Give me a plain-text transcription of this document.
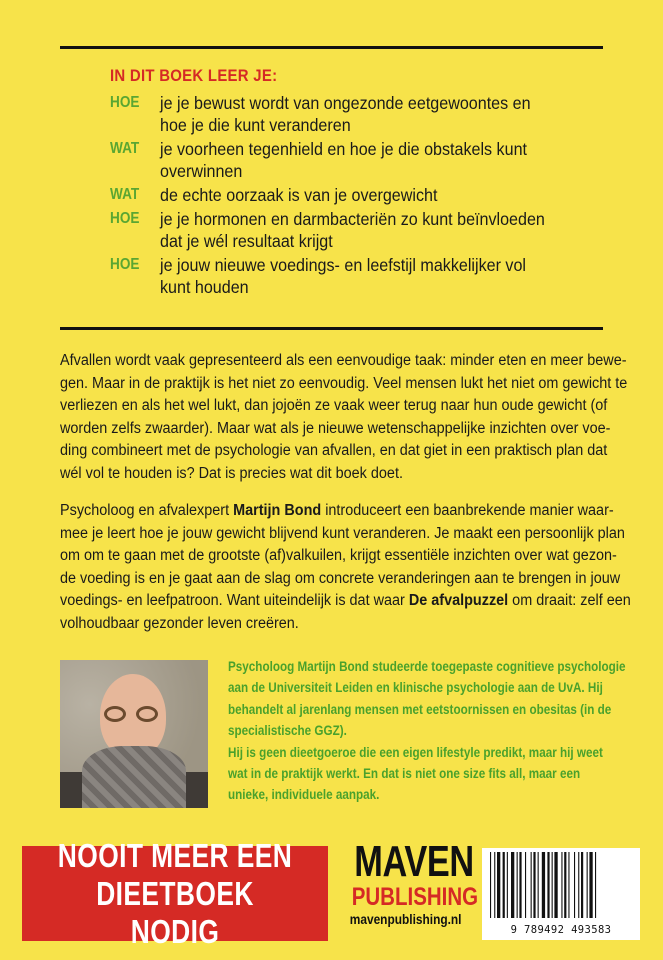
IN DIT BOEK LEER JE:
HOE je je bewust wordt van ongezonde eetgewoontes en
hoe je die kunt veranderen
WAT je voorheen tegenhield en hoe je die obstakels kunt
overwinnen
WAT de echte oorzaak is van je overgewicht
HOE je je hormonen en darmbacteriën zo kunt beïnvloeden
dat je wél resultaat krijgt
HOE je jouw nieuwe voedings- en leefstijl makkelijker vol
kunt houden
Afvallen wordt vaak gepresenteerd als een eenvoudige taak: minder eten en meer bewe-
gen. Maar in de praktijk is het niet zo eenvoudig. Veel mensen lukt het niet om gewicht te
verliezen en als het wel lukt, dan jojoën ze vaak weer terug naar hun oude gewicht (of
worden zelfs zwaarder). Maar wat als je nieuwe wetenschappelijke inzichten over voe-
ding combineert met de psychologie van afvallen, en dat giet in een praktisch plan dat
wél vol te houden is? Dat is precies wat dit boek doet.
Psycholoog en afvalexpert Martijn Bond introduceert een baanbrekende manier waar-
mee je leert hoe je jouw gewicht blijvend kunt veranderen. Je maakt een persoonlijk plan
om om te gaan met de grootste (af)valkuilen, krijgt essentiële inzichten over wat gezon-
de voeding is en je gaat aan de slag om concrete veranderingen aan te brengen in jouw
voedings- en leefpatroon. Want uiteindelijk is dat waar De afvalpuzzel om draait: zelf een
volhoudbaar gezonder leven creëren.
Psycholoog Martijn Bond studeerde toegepaste cognitieve psychologie
aan de Universiteit Leiden en klinische psychologie aan de UvA. Hij
behandelt al jarenlang mensen met eetstoornissen en obesitas (in de
specialistische GGZ).
Hij is geen dieetgoeroe die een eigen lifestyle predikt, maar hij weet
wat in de praktijk werkt. En dat is niet one size fits all, maar een
unieke, individuele aanpak.
NOOIT MEER EEN
DIEETBOEK NODIG
MAVEN
PUBLISHING
mavenpublishing.nl
9 789492 493583
